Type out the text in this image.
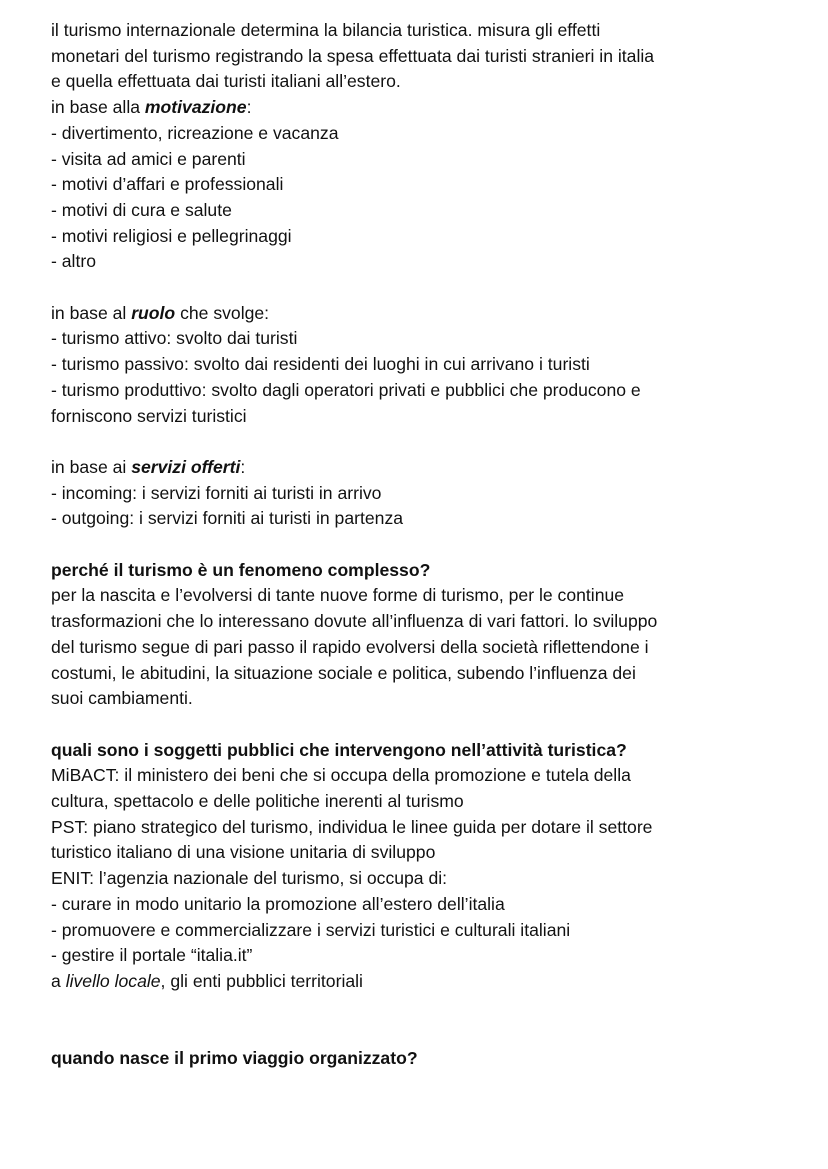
il turismo internazionale determina la bilancia turistica. misura gli effetti
monetari del turismo registrando la spesa effettuata dai turisti stranieri in italia
e quella effettuata dai turisti italiani all’estero.
in base alla motivazione:
- divertimento, ricreazione e vacanza
- visita ad amici e parenti
- motivi d’affari e professionali
- motivi di cura e salute
- motivi religiosi e pellegrinaggi
- altro
in base al ruolo che svolge:
- turismo attivo: svolto dai turisti
- turismo passivo: svolto dai residenti dei luoghi in cui arrivano i turisti
- turismo produttivo: svolto dagli operatori privati e pubblici che producono e
forniscono servizi turistici
in base ai servizi offerti:
- incoming: i servizi forniti ai turisti in arrivo
- outgoing: i servizi forniti ai turisti in partenza
perché il turismo è un fenomeno complesso?
per la nascita e l’evolversi di tante nuove forme di turismo, per le continue
trasformazioni che lo interessano dovute all’influenza di vari fattori. lo sviluppo
del turismo segue di pari passo il rapido evolversi della società riflettendone i
costumi, le abitudini, la situazione sociale e politica, subendo l’influenza dei
suoi cambiamenti.
quali sono i soggetti pubblici che intervengono nell’attività turistica?
MiBACT: il ministero dei beni che si occupa della promozione e tutela della
cultura, spettacolo e delle politiche inerenti al turismo
PST: piano strategico del turismo, individua le linee guida per dotare il settore
turistico italiano di una visione unitaria di sviluppo
ENIT: l’agenzia nazionale del turismo, si occupa di:
- curare in modo unitario la promozione all’estero dell’italia
- promuovere e commercializzare i servizi turistici e culturali italiani
- gestire il portale “italia.it”
a livello locale, gli enti pubblici territoriali
quando nasce il primo viaggio organizzato?
